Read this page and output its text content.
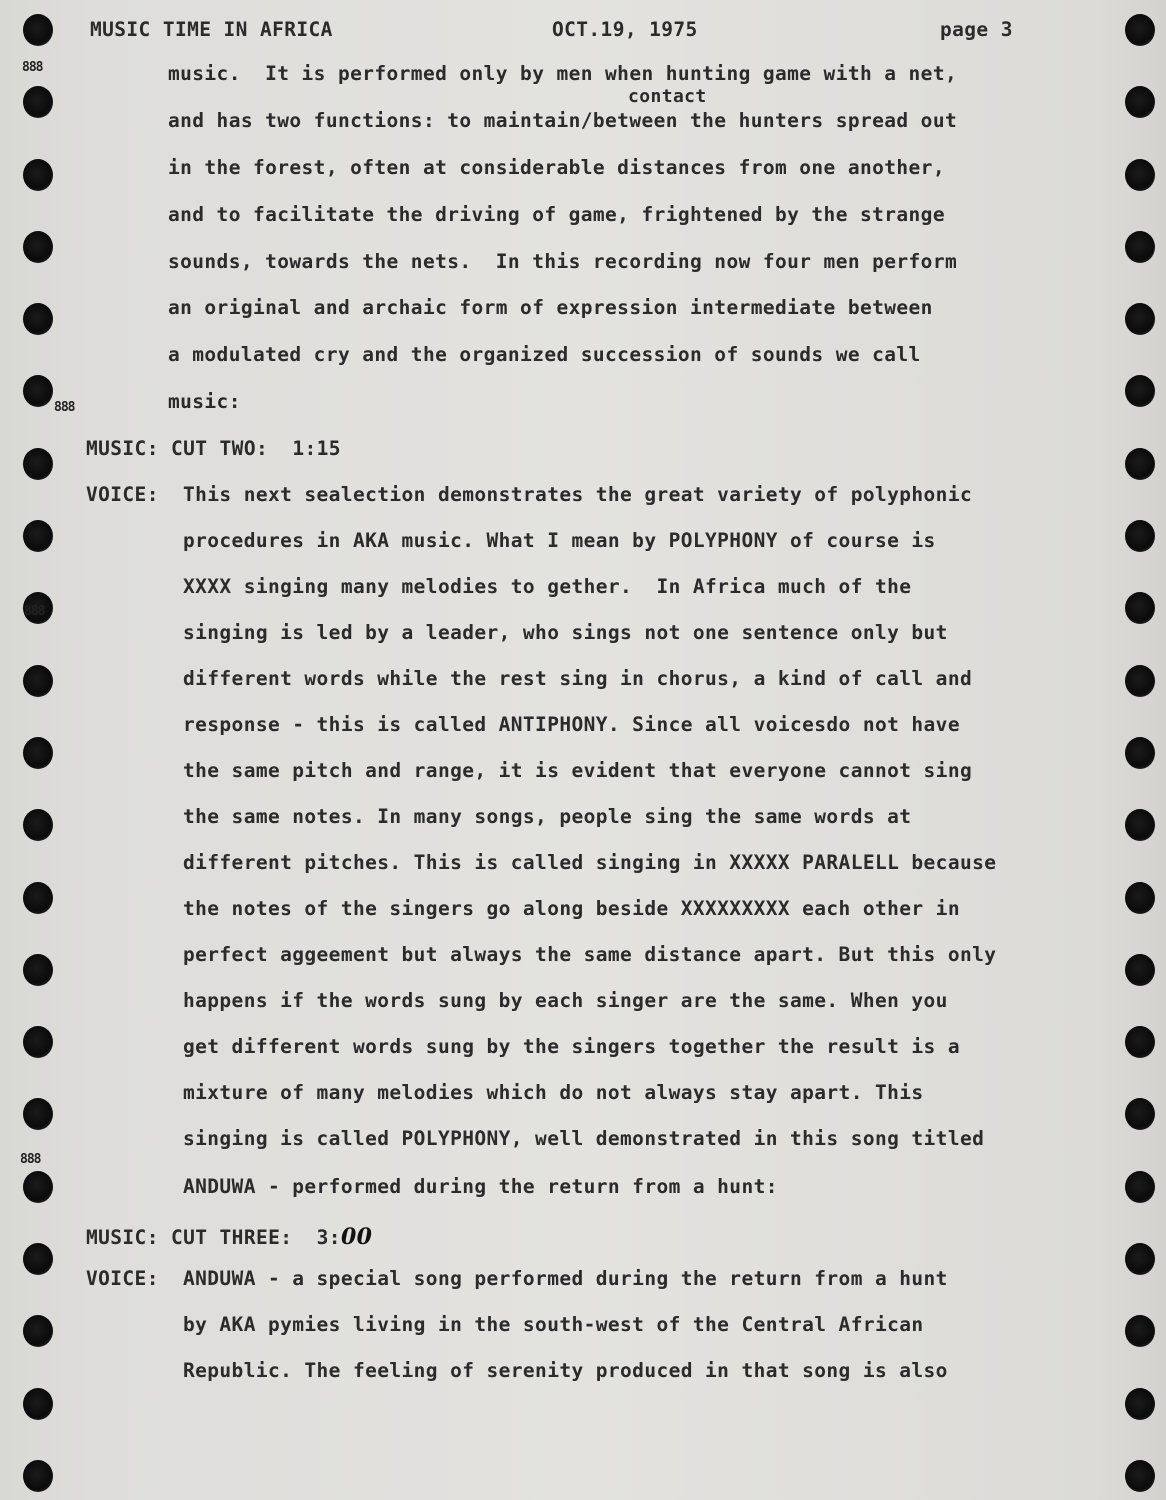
888
888
888
888
MUSIC TIME IN AFRICA	OCT.19, 1975	page 3
contact
music.  It is performed only by men when hunting game with a net,
and has two functions: to maintain/between the hunters spread out
in the forest, often at considerable distances from one another,
and to facilitate the driving of game, frightened by the strange
sounds, towards the nets.  In this recording now four men perform
an original and archaic form of expression intermediate between
a modulated cry and the organized succession of sounds we call
music:
MUSIC: CUT TWO:  1:15
VOICE: This next sealection demonstrates the great variety of polyphonic
procedures in AKA music. What I mean by POLYPHONY of course is
XXXX singing many melodies to gether.  In Africa much of the
singing is led by a leader, who sings not one sentence only but
different words while the rest sing in chorus, a kind of call and
response - this is called ANTIPHONY. Since all voicesdo not have
the same pitch and range, it is evident that everyone cannot sing
the same notes. In many songs, people sing the same words at
different pitches. This is called singing in XXXXX PARALELL because
the notes of the singers go along beside XXXXXXXXX each other in
perfect aggeement but always the same distance apart. But this only
happens if the words sung by each singer are the same. When you
get different words sung by the singers together the result is a
mixture of many melodies which do not always stay apart. This
singing is called POLYPHONY, well demonstrated in this song titled
ANDUWA - performed during the return from a hunt:
MUSIC: CUT THREE:  3:00
VOICE: ANDUWA - a special song performed during the return from a hunt
by AKA pymies living in the south-west of the Central African
Republic. The feeling of serenity produced in that song is also
